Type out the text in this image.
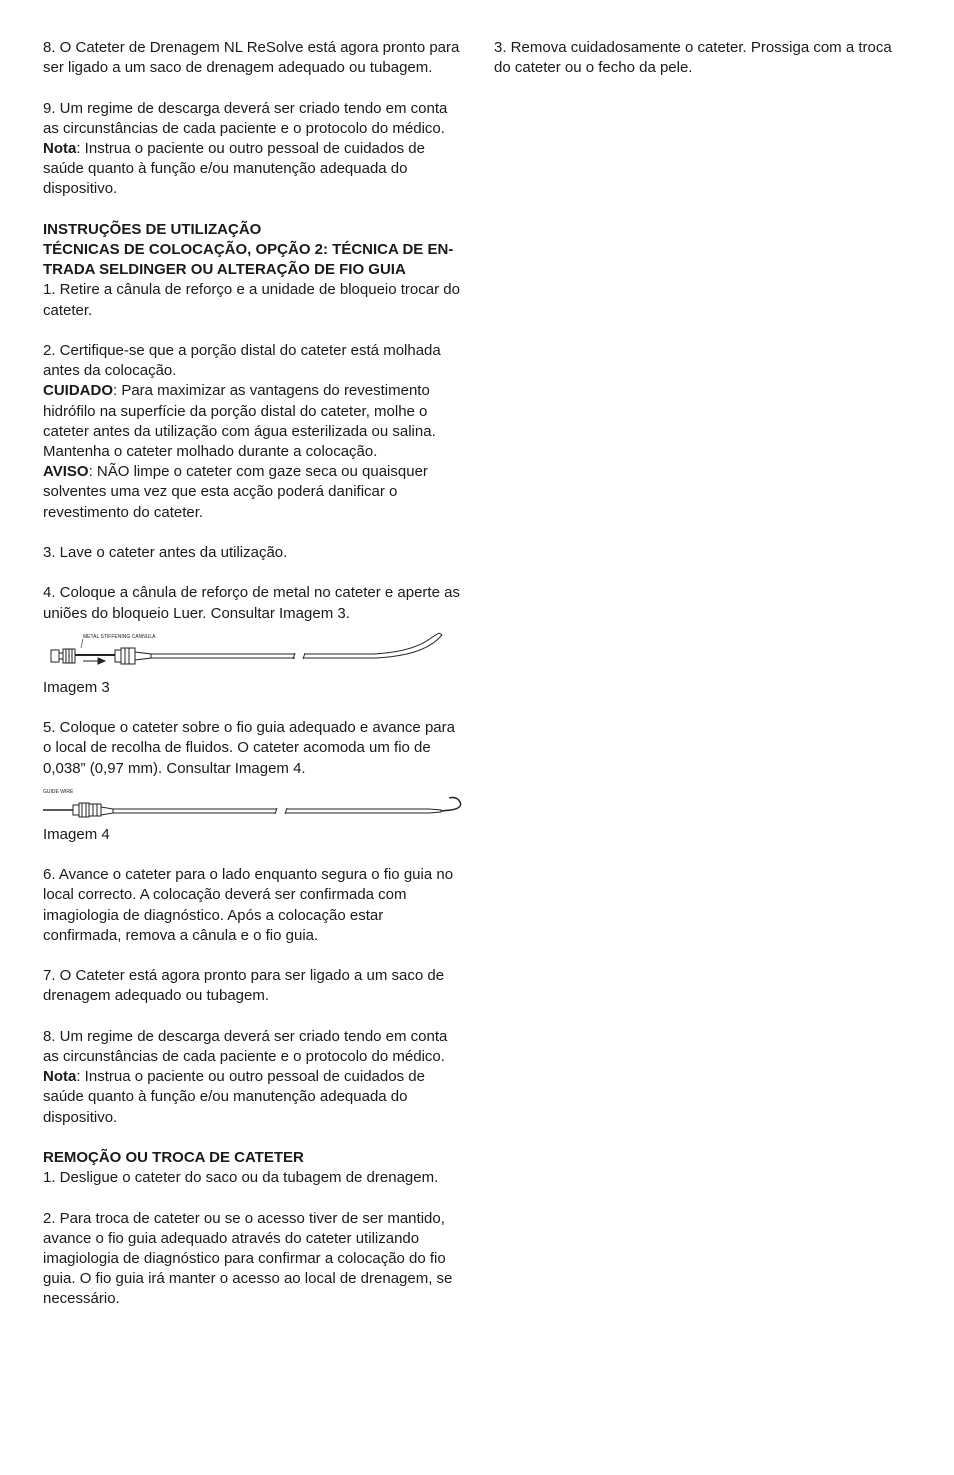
8. O Cateter de Drenagem NL ReSolve está agora pronto para ser ligado a um saco de drenagem adequado ou tubagem.

9. Um regime de descarga deverá ser criado tendo em conta as circunstâncias de cada paciente e o protocolo do médico.

Nota: Instrua o paciente ou outro pessoal de cuidados de saúde quanto à função e/ou manutenção adequada do dispositivo.

INSTRUÇÕES DE UTILIZAÇÃO

TÉCNICAS DE COLOCAÇÃO, OPÇÃO 2: TÉCNICA DE EN-

TRADA SELDINGER OU ALTERAÇÃO DE FIO GUIA

1. Retire a cânula de reforço e a unidade de bloqueio trocar do cateter.

2. Certifique-se que a porção distal do cateter está molhada antes da colocação.

CUIDADO: Para maximizar as vantagens do revestimento hidrófilo na superfície da porção distal do cateter, molhe o cateter antes da utilização com água esterilizada ou salina. Mantenha o cateter molhado durante a colocação.

AVISO: NÃO limpe o cateter com gaze seca ou quaisquer solventes uma vez que esta acção poderá danificar o revestimento do cateter.

3. Lave o cateter antes da utilização.

4. Coloque a cânula de reforço de metal no cateter e aperte as uniões do bloqueio Luer. Consultar Imagem 3.

METAL STIFFENING CANNULA

Imagem 3

5. Coloque o cateter sobre o fio guia adequado e avance para o local de recolha de fluidos. O cateter acomoda um fio de 0,038” (0,97 mm). Consultar Imagem 4.

GUIDE WIRE

Imagem 4

6. Avance o cateter para o lado enquanto segura o fio guia no local correcto. A colocação deverá ser confirmada com imagiologia de diagnóstico. Após a colocação estar confirmada, remova a cânula e o fio guia.

7. O Cateter está agora pronto para ser ligado a um saco de drenagem adequado ou tubagem.

8. Um regime de descarga deverá ser criado tendo em conta as circunstâncias de cada paciente e o protocolo do médico.

Nota: Instrua o paciente ou outro pessoal de cuidados de saúde quanto à função e/ou manutenção adequada do dispositivo.

REMOÇÃO OU TROCA DE CATETER

1. Desligue o cateter do saco ou da tubagem de drenagem.

2. Para troca de cateter ou se o acesso tiver de ser mantido, avance o fio guia adequado através do cateter utilizando imagiologia de diagnóstico para confirmar a colocação do fio guia. O fio guia irá manter o acesso ao local de drenagem, se necessário.

3. Remova cuidadosamente o cateter. Prossiga com a troca do cateter ou o fecho da pele.
